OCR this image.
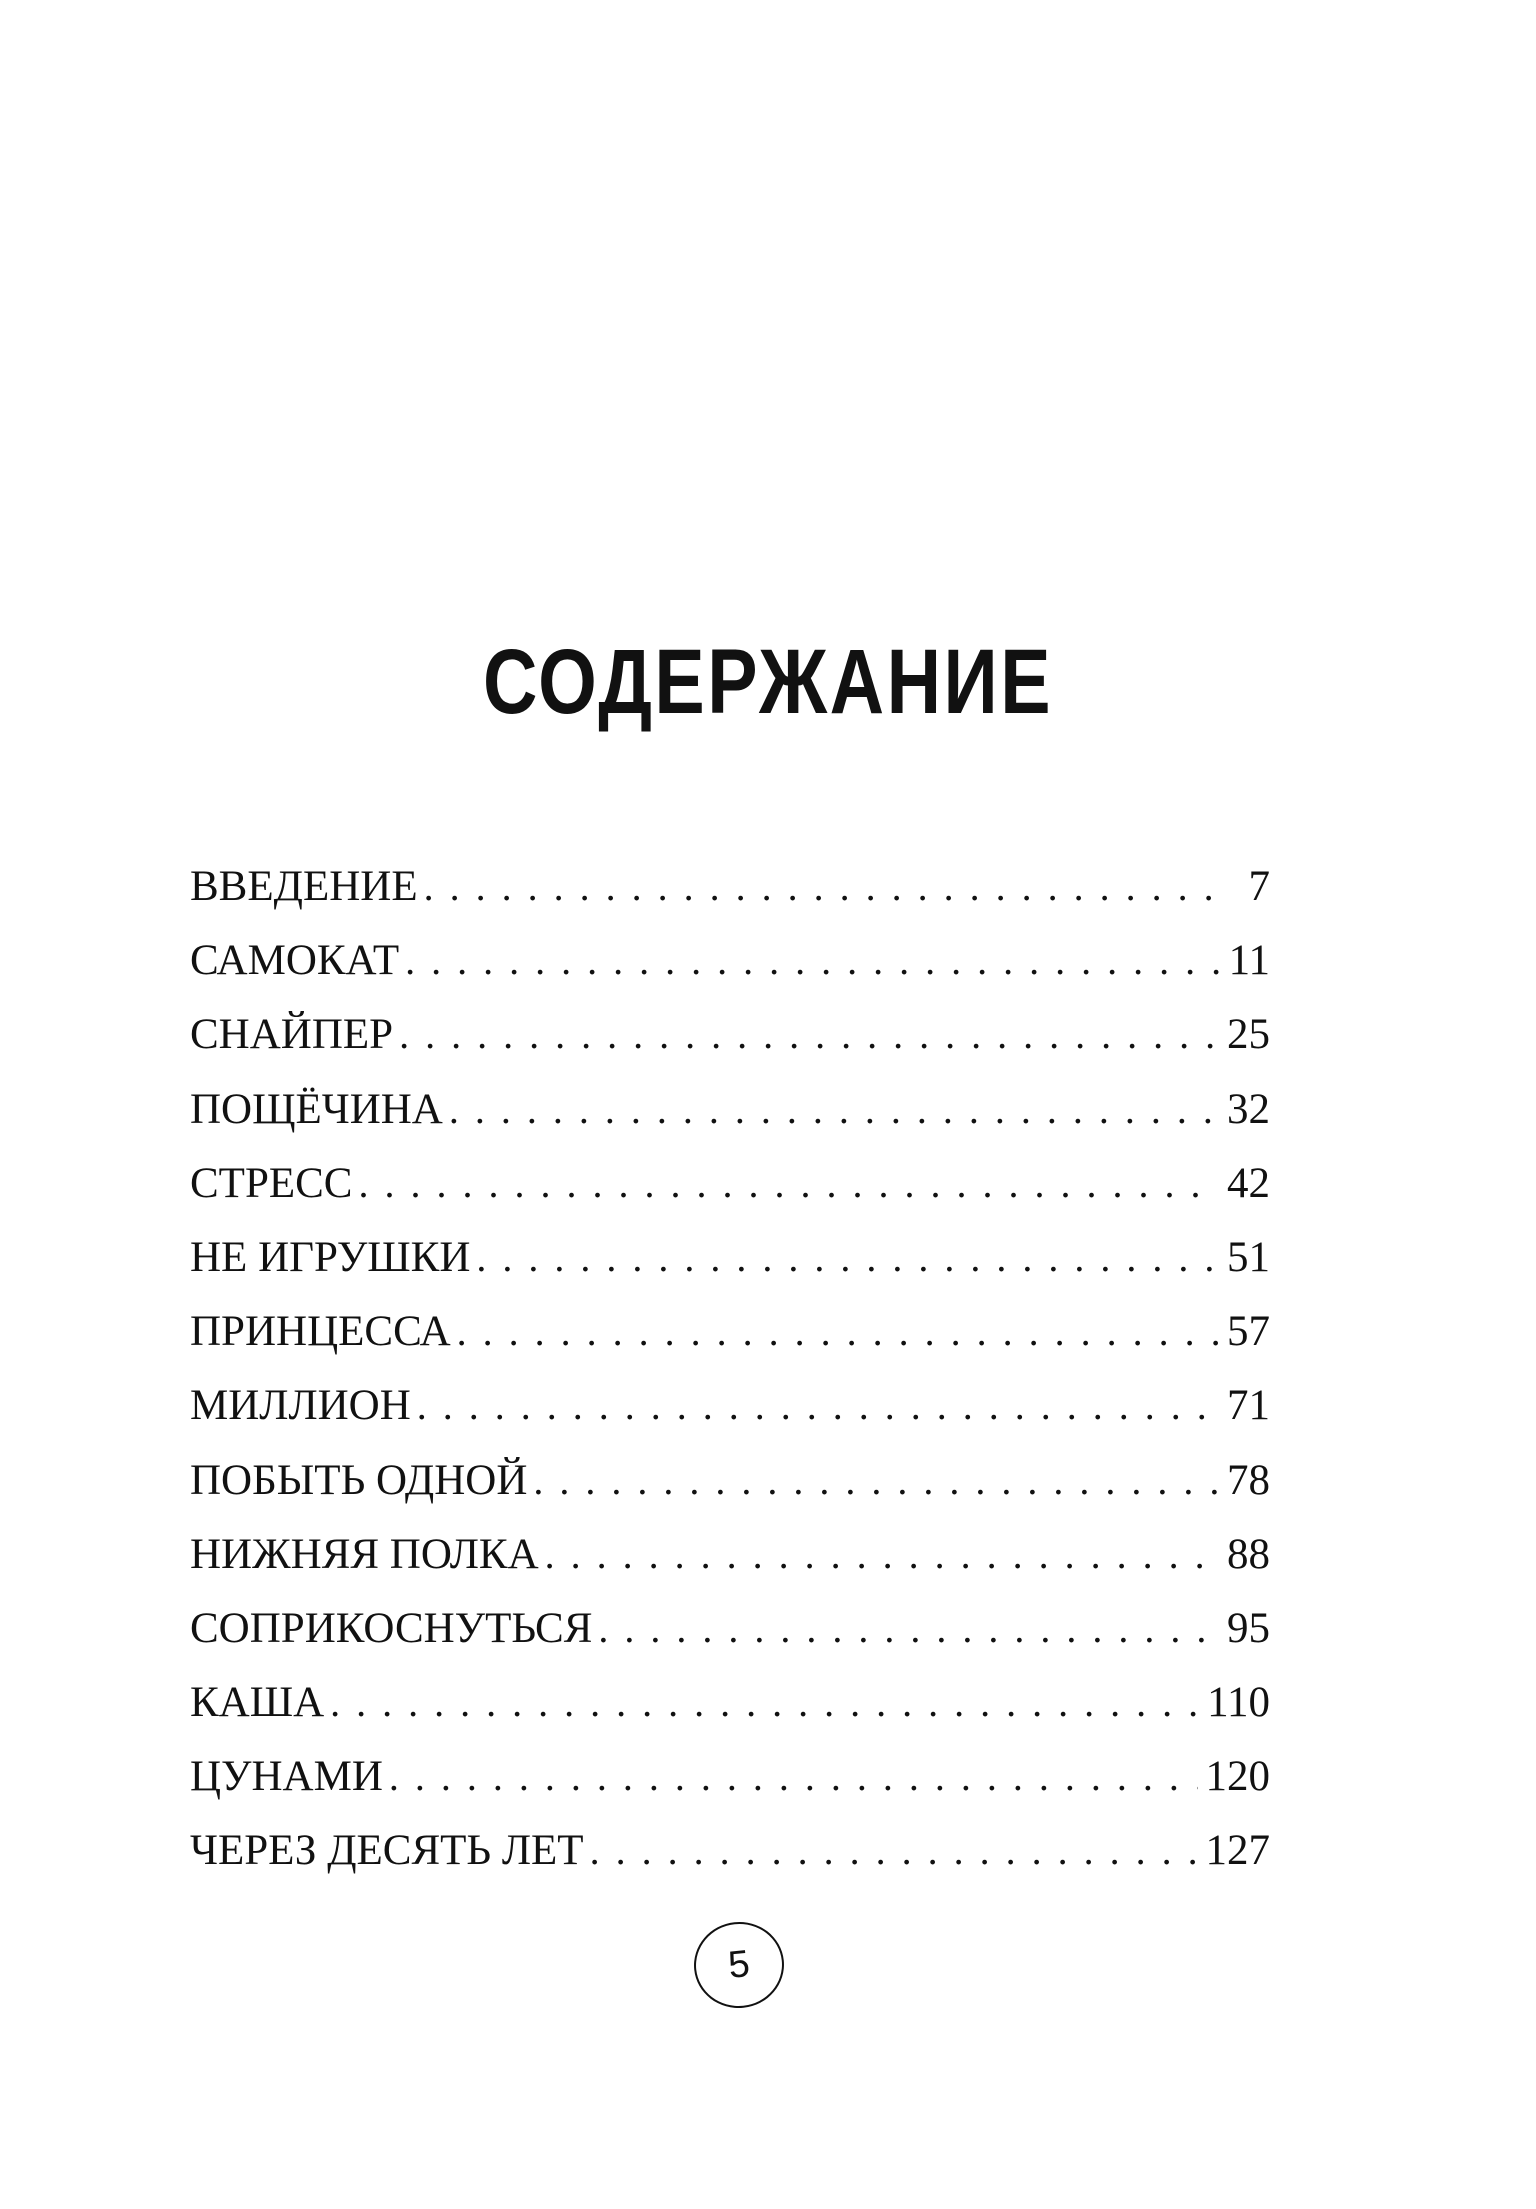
СОДЕРЖАНИЕ
ВВЕДЕНИЕ . . .	7
САМОКАТ . . .	11
СНАЙПЕР . . .	25
ПОЩЁЧИНА . . .	32
СТРЕСС . . .	42
НЕ ИГРУШКИ . . .	51
ПРИНЦЕССА . . .	57
МИЛЛИОН . . .	71
ПОБЫТЬ ОДНОЙ . . .	78
НИЖНЯЯ ПОЛКА . . .	88
СОПРИКОСНУТЬСЯ . . .	95
КАША . . .	110
ЦУНАМИ . . .	120
ЧЕРЕЗ ДЕСЯТЬ ЛЕТ . . .	127
5
